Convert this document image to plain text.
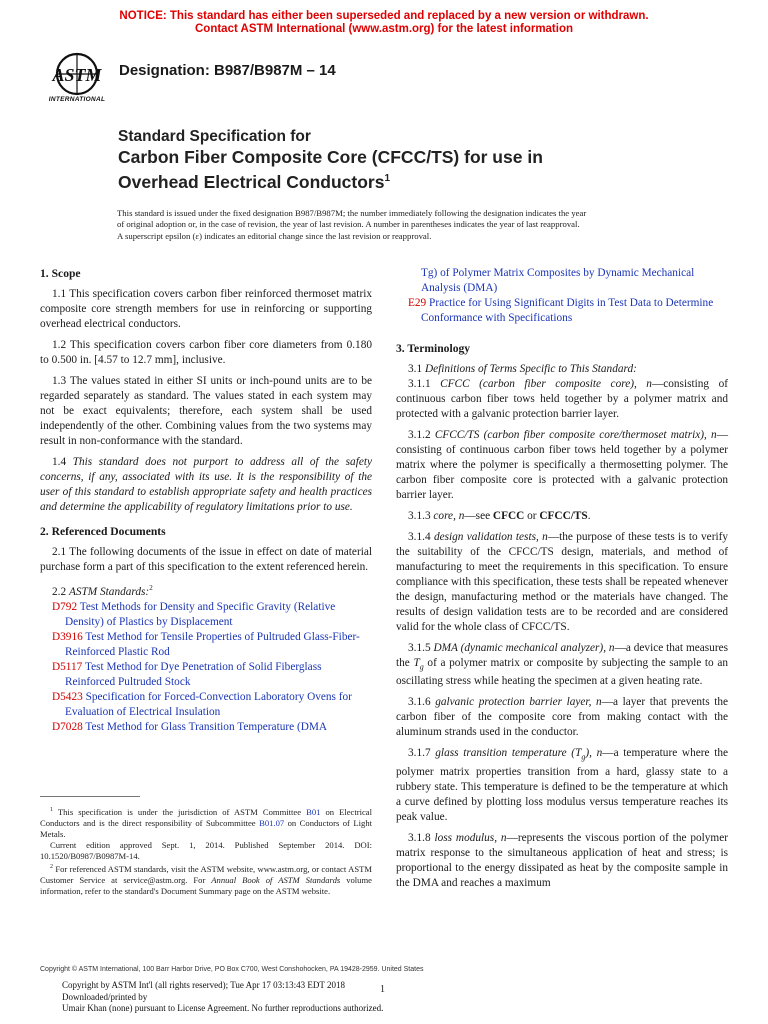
NOTICE: This standard has either been superseded and replaced by a new version or withdrawn.
Contact ASTM International (www.astm.org) for the latest information
ASTM
INTERNATIONAL
Designation: B987/B987M – 14
Standard Specification for
Carbon Fiber Composite Core (CFCC/TS) for use in
Overhead Electrical Conductors$^1$
This standard is issued under the fixed designation B987/B987M; the number immediately following the designation indicates the year
of original adoption or, in the case of revision, the year of last revision. A number in parentheses indicates the year of last reapproval.
A superscript epsilon (ε) indicates an editorial change since the last revision or reapproval.

1. Scope

1.1 This specification covers carbon fiber reinforced thermoset matrix composite core strength members for use in reinforcing or supporting overhead electrical conductors.

1.2 This specification covers carbon fiber core diameters from 0.180 to 0.500 in. [4.57 to 12.7 mm], inclusive.

1.3 The values stated in either SI units or inch-pound units are to be regarded separately as standard. The values stated in each system may not be exact equivalents; therefore, each system shall be used independently of the other. Combining values from the two systems may result in non-conformance with the standard.

1.4 This standard does not purport to address all of the safety concerns, if any, associated with its use. It is the responsibility of the user of this standard to establish appropriate safety and health practices and determine the applicability of regulatory limitations prior to use.

2. Referenced Documents

2.1 The following documents of the issue in effect on date of material purchase form a part of this specification to the extent referenced herein.

2.2 ASTM Standards:$^2$

D792 Test Methods for Density and Specific Gravity (Relative Density) of Plastics by Displacement

D3916 Test Method for Tensile Properties of Pultruded Glass-Fiber-Reinforced Plastic Rod

D5117 Test Method for Dye Penetration of Solid Fiberglass Reinforced Pultruded Stock

D5423 Specification for Forced-Convection Laboratory Ovens for Evaluation of Electrical Insulation

D7028 Test Method for Glass Transition Temperature (DMA

$^1$ This specification is under the jurisdiction of ASTM Committee B01 on Electrical Conductors and is the direct responsibility of Subcommittee B01.07 on Conductors of Light Metals.

Current edition approved Sept. 1, 2014. Published September 2014. DOI: 10.1520/B0987/B0987M-14.

$^2$ For referenced ASTM standards, visit the ASTM website, www.astm.org, or contact ASTM Customer Service at service@astm.org. For Annual Book of ASTM Standards volume information, refer to the standard's Document Summary page on the ASTM website.

Tg) of Polymer Matrix Composites by Dynamic Mechanical Analysis (DMA)

E29 Practice for Using Significant Digits in Test Data to Determine Conformance with Specifications

3. Terminology

3.1 Definitions of Terms Specific to This Standard:

3.1.1 CFCC (carbon fiber composite core), n—consisting of continuous carbon fiber tows held together by a polymer matrix and protected with a galvanic protection barrier layer.

3.1.2 CFCC/TS (carbon fiber composite core/thermoset matrix), n—consisting of continuous carbon fiber tows held together by a polymer matrix where the polymer is specifically a thermosetting polymer. The carbon fiber composite core is protected with a galvanic protection barrier layer.

3.1.3 core, n—see CFCC or CFCC/TS.

3.1.4 design validation tests, n—the purpose of these tests is to verify the suitability of the CFCC/TS design, materials, and method of manufacturing to meet the requirements in this specification. To ensure compliance with this specification, these tests shall be repeated whenever the design, manufacturing method or the materials have changed. The results of design validation tests are to be recorded and are considered valid for the whole class of CFCC/TS.

3.1.5 DMA (dynamic mechanical analyzer), n—a device that measures the $T_g$ of a polymer matrix or composite by subjecting the sample to an oscillating stress while heating the specimen at a given heating rate.

3.1.6 galvanic protection barrier layer, n—a layer that prevents the carbon fiber of the composite core from making contact with the aluminum strands used in the conductor.

3.1.7 glass transition temperature $(T_g)$, n—a temperature where the polymer matrix properties transition from a hard, glassy state to a rubbery state. This temperature is defined to be the temperature at which a curve defined by plotting loss modulus versus temperature reaches its peak value.

3.1.8 loss modulus, n—represents the viscous portion of the polymer matrix response to the simultaneous application of heat and stress; is proportional to the energy dissipated as heat by the composite sample in the DMA and reaches a maximum

Copyright © ASTM International, 100 Barr Harbor Drive, PO Box C700, West Conshohocken, PA 19428-2959. United States
Copyright by ASTM Int'l (all rights reserved); Tue Apr 17 03:13:43 EDT 2018
Downloaded/printed by
Umair Khan (none) pursuant to License Agreement. No further reproductions authorized.
1
